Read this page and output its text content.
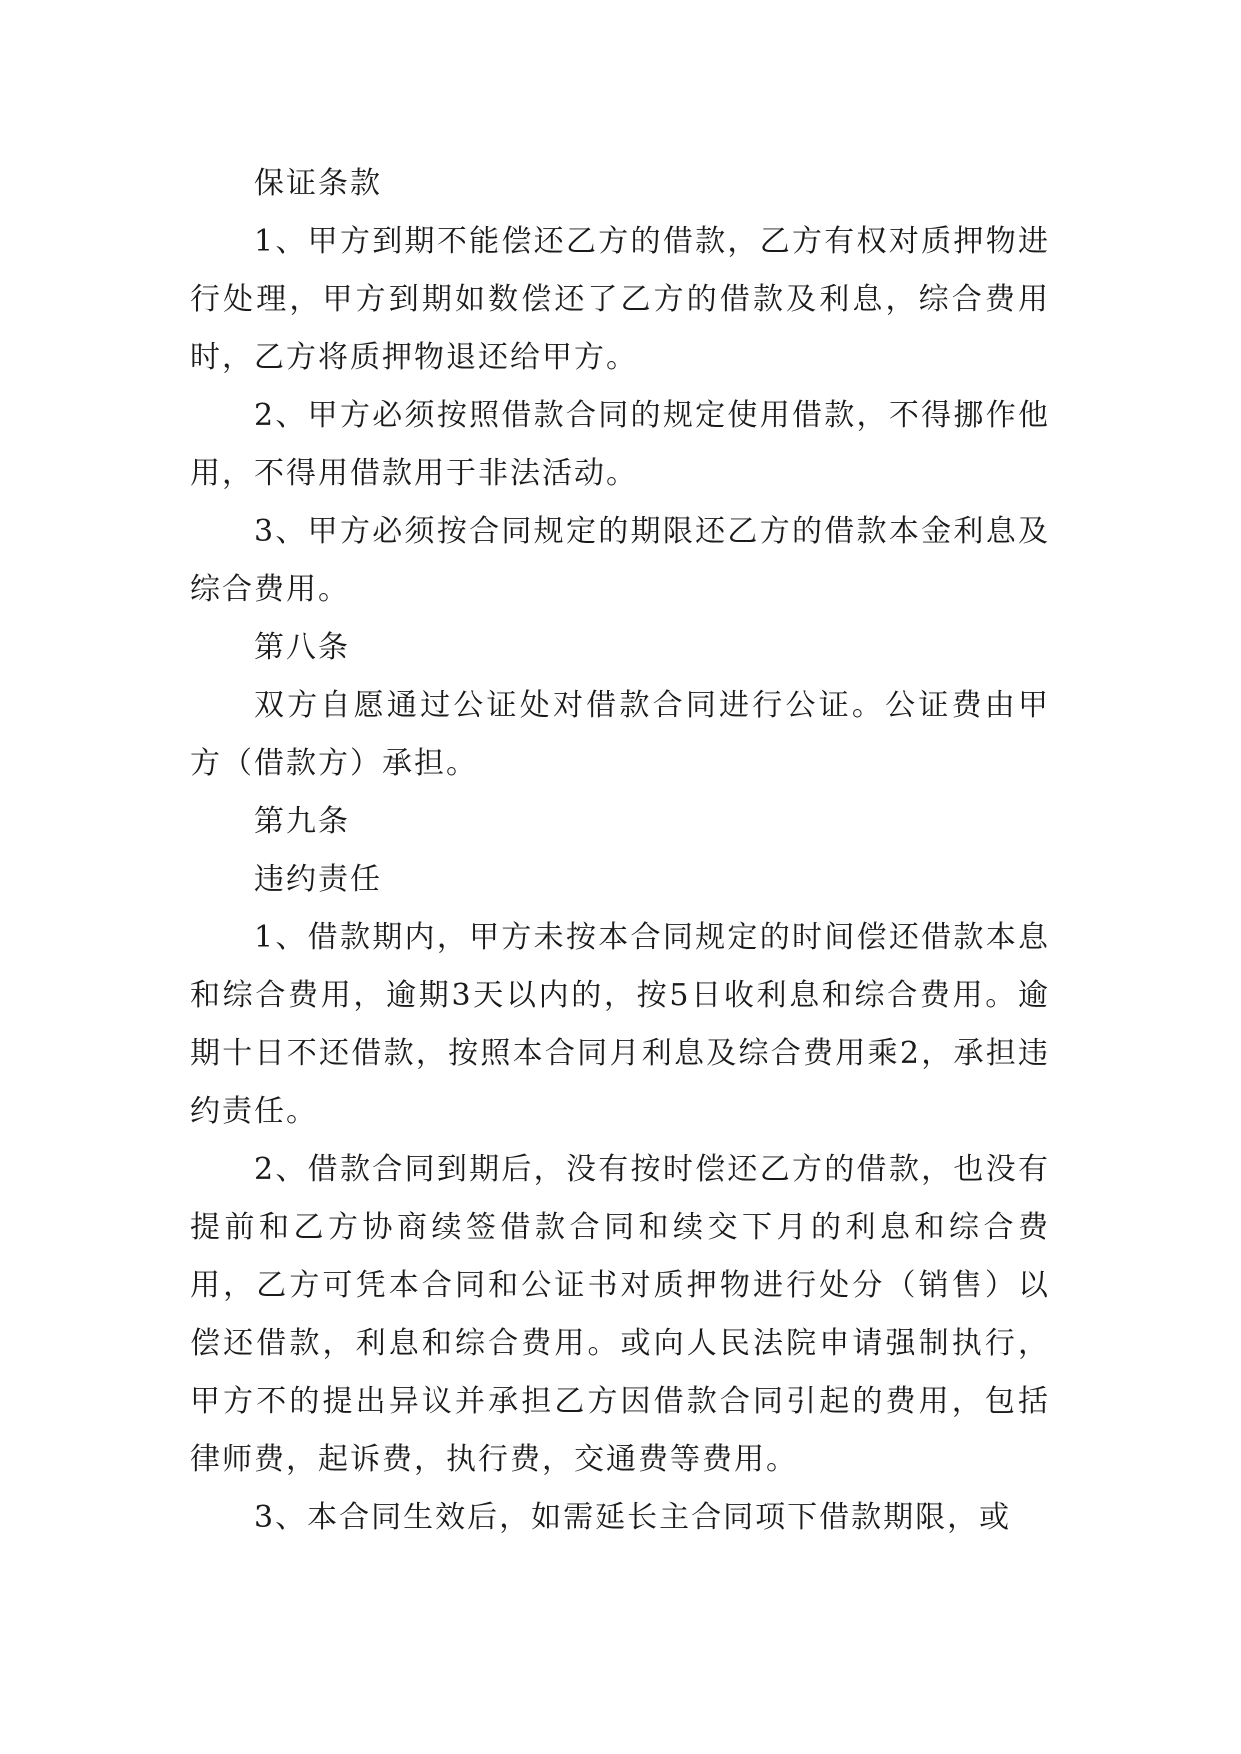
保证条款

1、甲方到期不能偿还乙方的借款，乙方有权对质押物进行处理，甲方到期如数偿还了乙方的借款及利息，综合费用时，乙方将质押物退还给甲方。

2、甲方必须按照借款合同的规定使用借款，不得挪作他用，不得用借款用于非法活动。

3、甲方必须按合同规定的期限还乙方的借款本金利息及综合费用。

第八条

双方自愿通过公证处对借款合同进行公证。公证费由甲方（借款方）承担。

第九条

违约责任

1、借款期内，甲方未按本合同规定的时间偿还借款本息和综合费用，逾期3天以内的，按5日收利息和综合费用。逾期十日不还借款，按照本合同月利息及综合费用乘2，承担违约责任。

2、借款合同到期后，没有按时偿还乙方的借款，也没有提前和乙方协商续签借款合同和续交下月的利息和综合费用，乙方可凭本合同和公证书对质押物进行处分（销售）以偿还借款，利息和综合费用。或向人民法院申请强制执行，甲方不的提出异议并承担乙方因借款合同引起的费用，包括律师费，起诉费，执行费，交通费等费用。

3、本合同生效后，如需延长主合同项下借款期限，或
